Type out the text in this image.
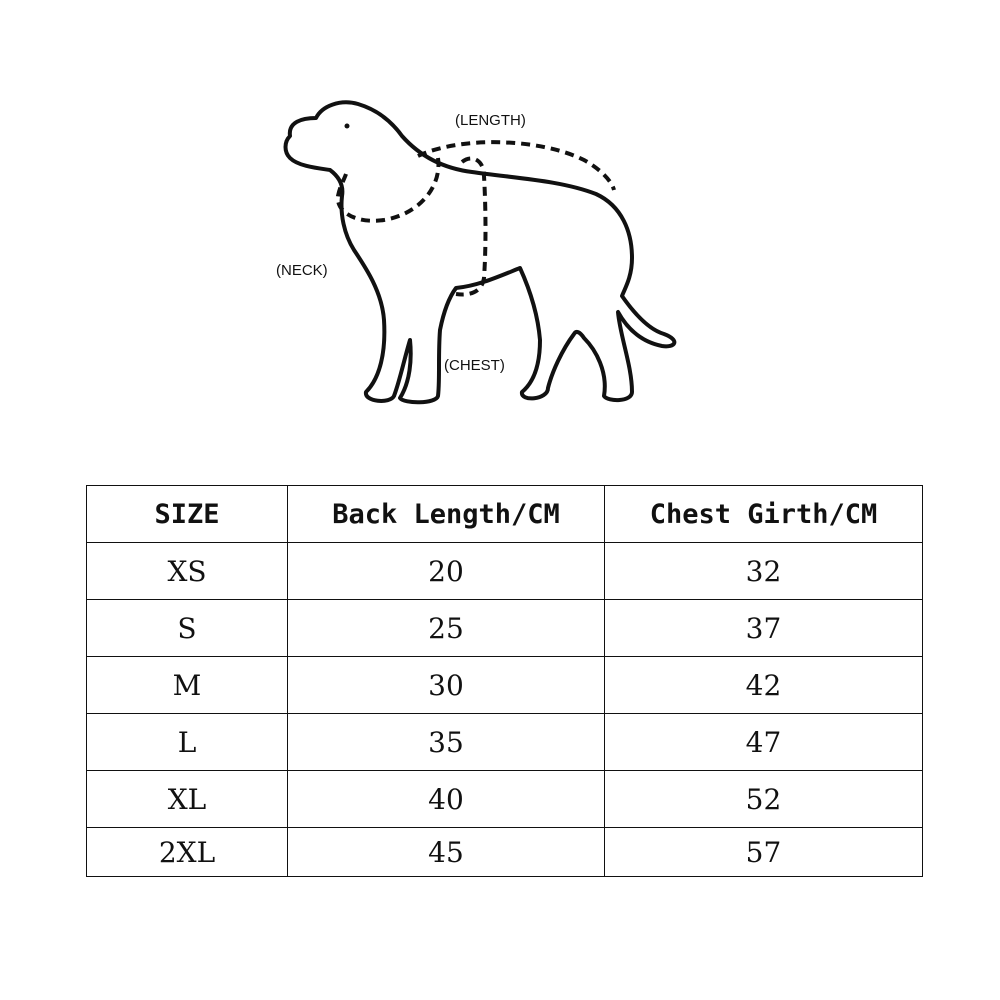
(LENGTH)
(NECK)
(CHEST)
SIZE	Back Length/CM	Chest Girth/CM
XS	20	32
S	25	37
M	30	42
L	35	47
XL	40	52
2XL	45	57
